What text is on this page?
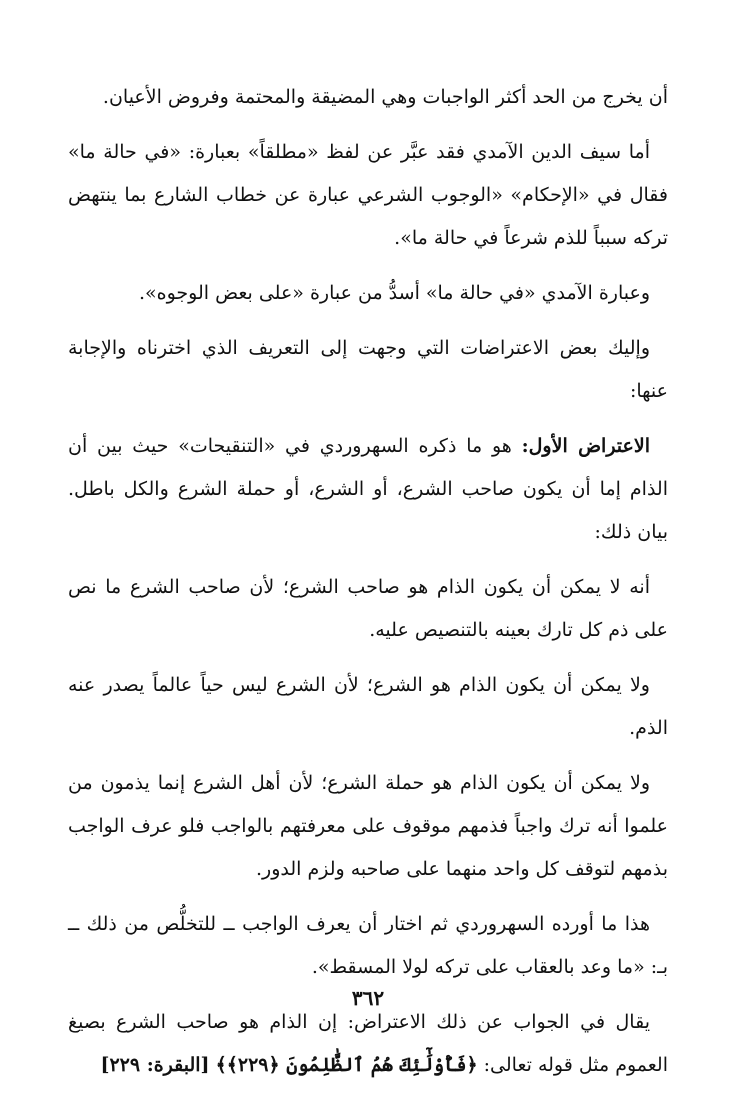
أن يخرج من الحد أكثر الواجبات وهي المضيقة والمحتمة وفروض الأعيان.

أما سيف الدين الآمدي فقد عبَّر عن لفظ «مطلقاً» بعبارة: «في حالة ما» فقال في «الإحكام» «الوجوب الشرعي عبارة عن خطاب الشارع بما ينتهض تركه سبباً للذم شرعاً في حالة ما».

وعبارة الآمدي «في حالة ما» أسدُّ من عبارة «على بعض الوجوه».

وإليك بعض الاعتراضات التي وجهت إلى التعريف الذي اخترناه والإجابة عنها:

الاعتراض الأول: هو ما ذكره السهروردي في «التنقيحات» حيث بين أن الذام إما أن يكون صاحب الشرع، أو الشرع، أو حملة الشرع والكل باطل. بيان ذلك:

أنه لا يمكن أن يكون الذام هو صاحب الشرع؛ لأن صاحب الشرع ما نص على ذم كل تارك بعينه بالتنصيص عليه.

ولا يمكن أن يكون الذام هو الشرع؛ لأن الشرع ليس حياً عالماً يصدر عنه الذم.

ولا يمكن أن يكون الذام هو حملة الشرع؛ لأن أهل الشرع إنما يذمون من علموا أنه ترك واجباً فذمهم موقوف على معرفتهم بالواجب فلو عرف الواجب بذمهم لتوقف كل واحد منهما على صاحبه ولزم الدور.

هذا ما أورده السهروردي ثم اختار أن يعرف الواجب ــ للتخلُّص من ذلك ــ بـ: «ما وعد بالعقاب على تركه لولا المسقط».

يقال في الجواب عن ذلك الاعتراض: إن الذام هو صاحب الشرع بصيغ العموم مثل قوله تعالى: ﴿فَأُوْلَٰٓئِكَ هُمُ ٱلظَّٰلِمُونَ ﴿٢٢٩﴾﴾ [البقرة: ٢٢٩]

٣٦٢
